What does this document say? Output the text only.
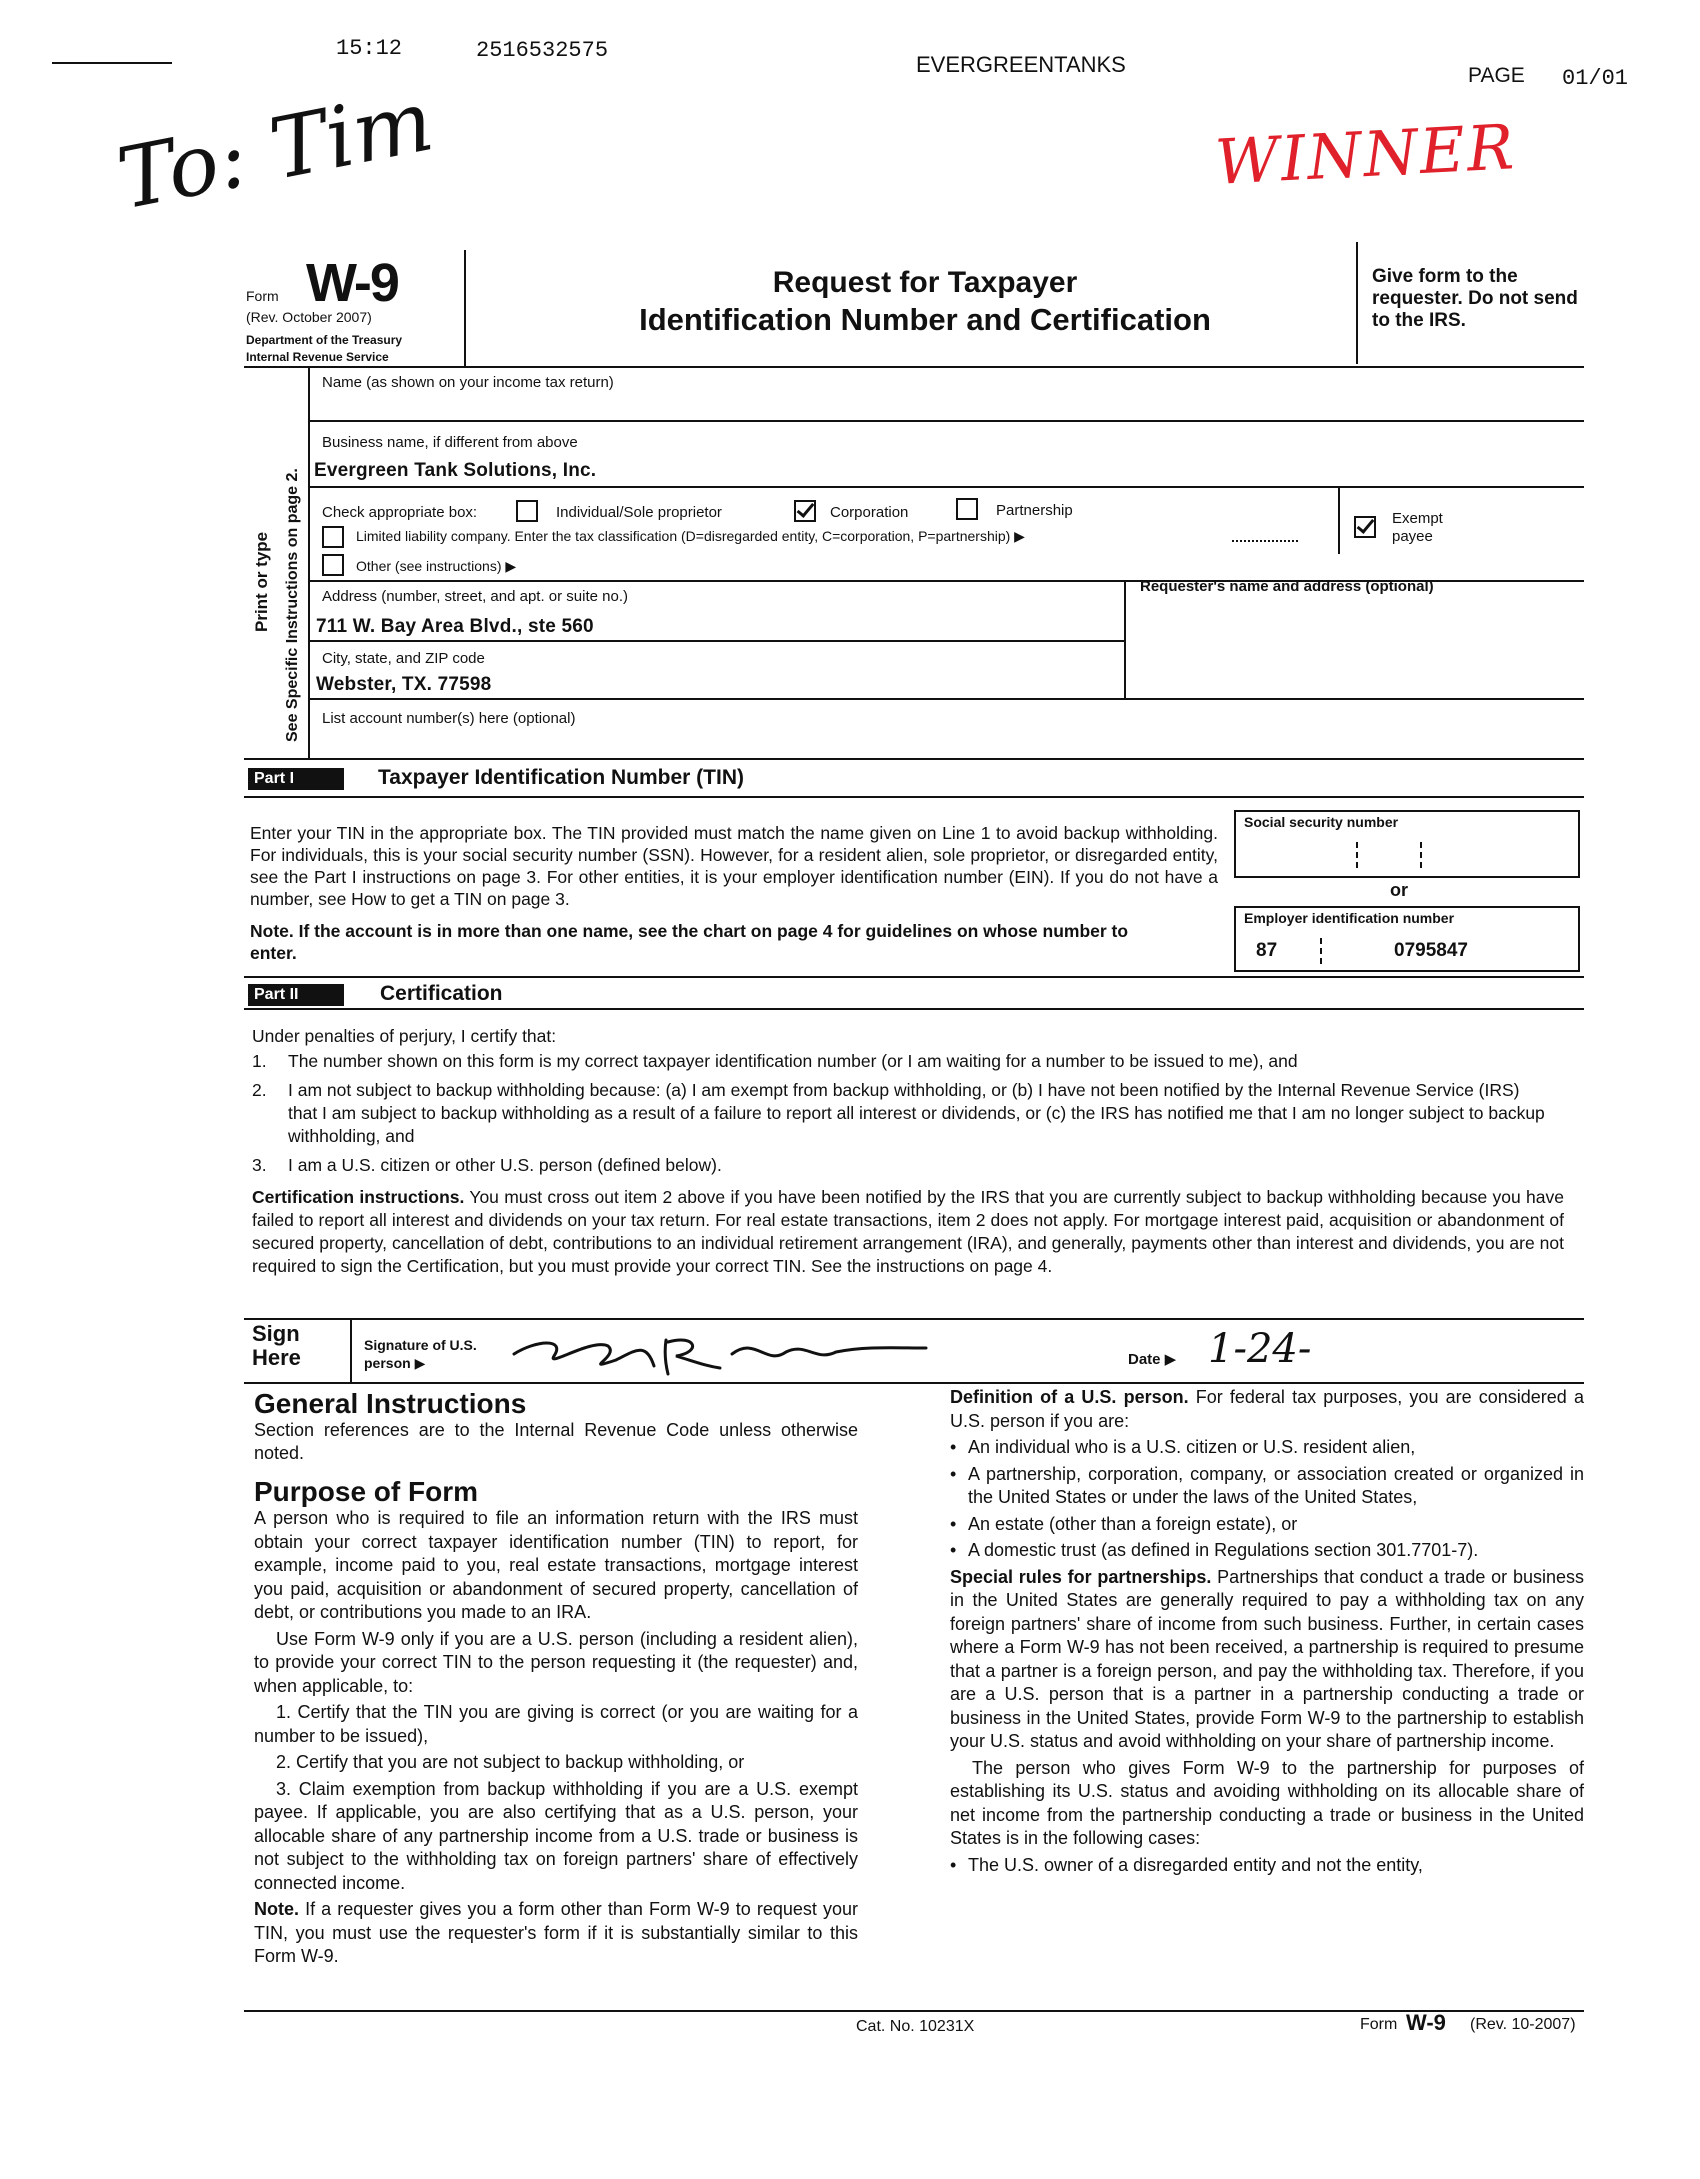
15:12	2516532575
EVERGREENTANKS	PAGE 01/01
To: Tim	WINNER
Form W-9
(Rev. October 2007)
Department of the Treasury
Internal Revenue Service
Request for Taxpayer
Identification Number and Certification
Give form to the requester. Do not send to the IRS.
Print or type See Specific Instructions on page 2.
Name (as shown on your income tax return)
Business name, if different from above
Evergreen Tank Solutions, Inc.
Check appropriate box:	Individual/Sole proprietor	Corporation	Partnership
Limited liability company. Enter the tax classification (D=disregarded entity, C=corporation, P=partnership) ▶
Other (see instructions) ▶
Exempt payee
Address (number, street, and apt. or suite no.)
711 W. Bay Area Blvd., ste 560
Requester's name and address (optional)
City, state, and ZIP code
Webster, TX. 77598
List account number(s) here (optional)
Part I	Taxpayer Identification Number (TIN)
Enter your TIN in the appropriate box. The TIN provided must match the name given on Line 1 to avoid backup withholding. For individuals, this is your social security number (SSN). However, for a resident alien, sole proprietor, or disregarded entity, see the Part I instructions on page 3. For other entities, it is your employer identification number (EIN). If you do not have a number, see How to get a TIN on page 3.
Note. If the account is in more than one name, see the chart on page 4 for guidelines on whose number to enter.
Social security number
or
Employer identification number
87	0795847
Part II	Certification
Under penalties of perjury, I certify that:
1. The number shown on this form is my correct taxpayer identification number (or I am waiting for a number to be issued to me), and
2. I am not subject to backup withholding because: (a) I am exempt from backup withholding, or (b) I have not been notified by the Internal Revenue Service (IRS) that I am subject to backup withholding as a result of a failure to report all interest or dividends, or (c) the IRS has notified me that I am no longer subject to backup withholding, and
3. I am a U.S. citizen or other U.S. person (defined below).
Certification instructions. You must cross out item 2 above if you have been notified by the IRS that you are currently subject to backup withholding because you have failed to report all interest and dividends on your tax return. For real estate transactions, item 2 does not apply. For mortgage interest paid, acquisition or abandonment of secured property, cancellation of debt, contributions to an individual retirement arrangement (IRA), and generally, payments other than interest and dividends, you are not required to sign the Certification, but you must provide your correct TIN. See the instructions on page 4.
Sign Here	Signature of U.S. person ▶	Date ▶ 1-24-

General Instructions

Section references are to the Internal Revenue Code unless otherwise noted.

Purpose of Form

A person who is required to file an information return with the IRS must obtain your correct taxpayer identification number (TIN) to report, for example, income paid to you, real estate transactions, mortgage interest you paid, acquisition or abandonment of secured property, cancellation of debt, or contributions you made to an IRA.

Use Form W-9 only if you are a U.S. person (including a resident alien), to provide your correct TIN to the person requesting it (the requester) and, when applicable, to:

1. Certify that the TIN you are giving is correct (or you are waiting for a number to be issued),

2. Certify that you are not subject to backup withholding, or

3. Claim exemption from backup withholding if you are a U.S. exempt payee. If applicable, you are also certifying that as a U.S. person, your allocable share of any partnership income from a U.S. trade or business is not subject to the withholding tax on foreign partners' share of effectively connected income.

Note. If a requester gives you a form other than Form W-9 to request your TIN, you must use the requester's form if it is substantially similar to this Form W-9.

Definition of a U.S. person. For federal tax purposes, you are considered a U.S. person if you are:

• An individual who is a U.S. citizen or U.S. resident alien,

• A partnership, corporation, company, or association created or organized in the United States or under the laws of the United States,

• An estate (other than a foreign estate), or

• A domestic trust (as defined in Regulations section 301.7701-7).

Special rules for partnerships. Partnerships that conduct a trade or business in the United States are generally required to pay a withholding tax on any foreign partners' share of income from such business. Further, in certain cases where a Form W-9 has not been received, a partnership is required to presume that a partner is a foreign person, and pay the withholding tax. Therefore, if you are a U.S. person that is a partner in a partnership conducting a trade or business in the United States, provide Form W-9 to the partnership to establish your U.S. status and avoid withholding on your share of partnership income.

The person who gives Form W-9 to the partnership for purposes of establishing its U.S. status and avoiding withholding on its allocable share of net income from the partnership conducting a trade or business in the United States is in the following cases:

• The U.S. owner of a disregarded entity and not the entity,

Cat. No. 10231X	Form W-9 (Rev. 10-2007)
